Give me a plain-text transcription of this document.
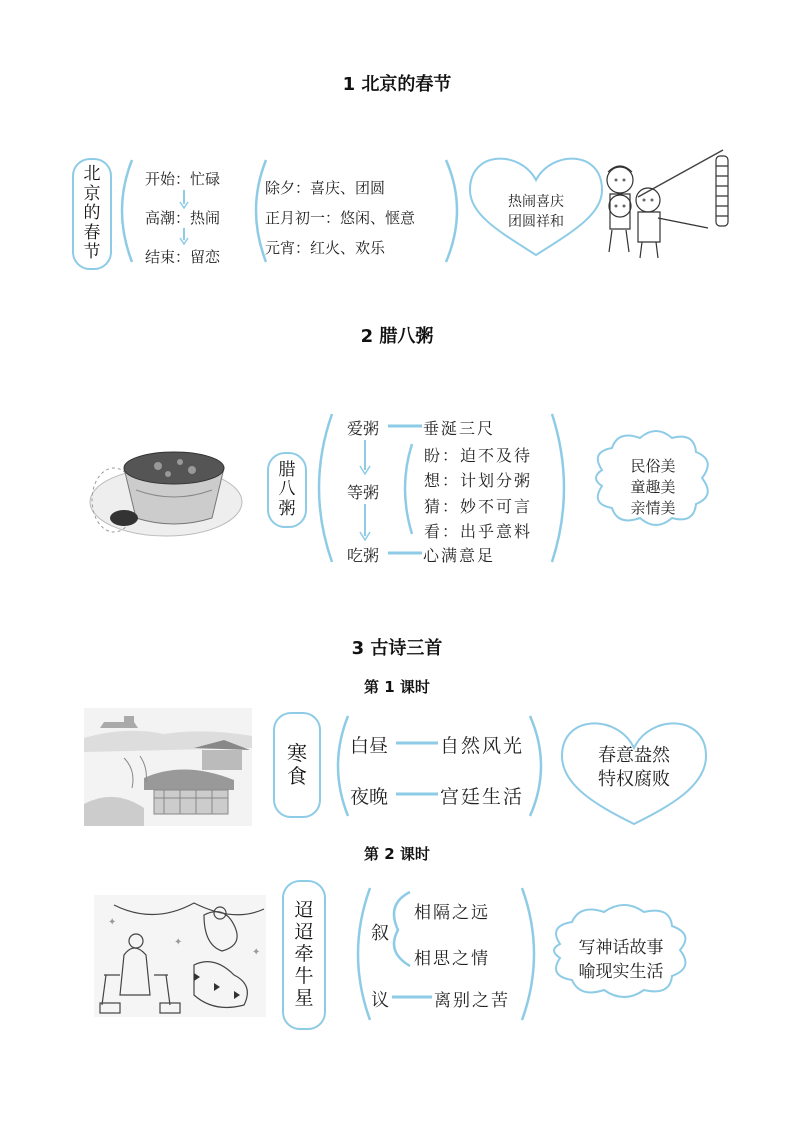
1 北京的春节
北
京
的
春
节
开始：忙碌
高潮：热闹
结束：留恋
除夕：喜庆、团圆
正月初一：悠闲、惬意
元宵：红火、欢乐
热闹喜庆
团圆祥和
2 腊八粥
腊
八
粥
爱粥	垂涎三尺
等粥
盼：迫不及待
想：计划分粥
猜：妙不可言
看：出乎意料
吃粥	心满意足
民俗美
童趣美
亲情美
3 古诗三首
第 1 课时
寒
食
白昼	自然风光
夜晚	宫廷生活
春意盎然
特权腐败
第 2 课时
✦
✦
✦
迢
迢
牵
牛
星
叙
相隔之远
相思之情
议	离别之苦
写神话故事
喻现实生活
